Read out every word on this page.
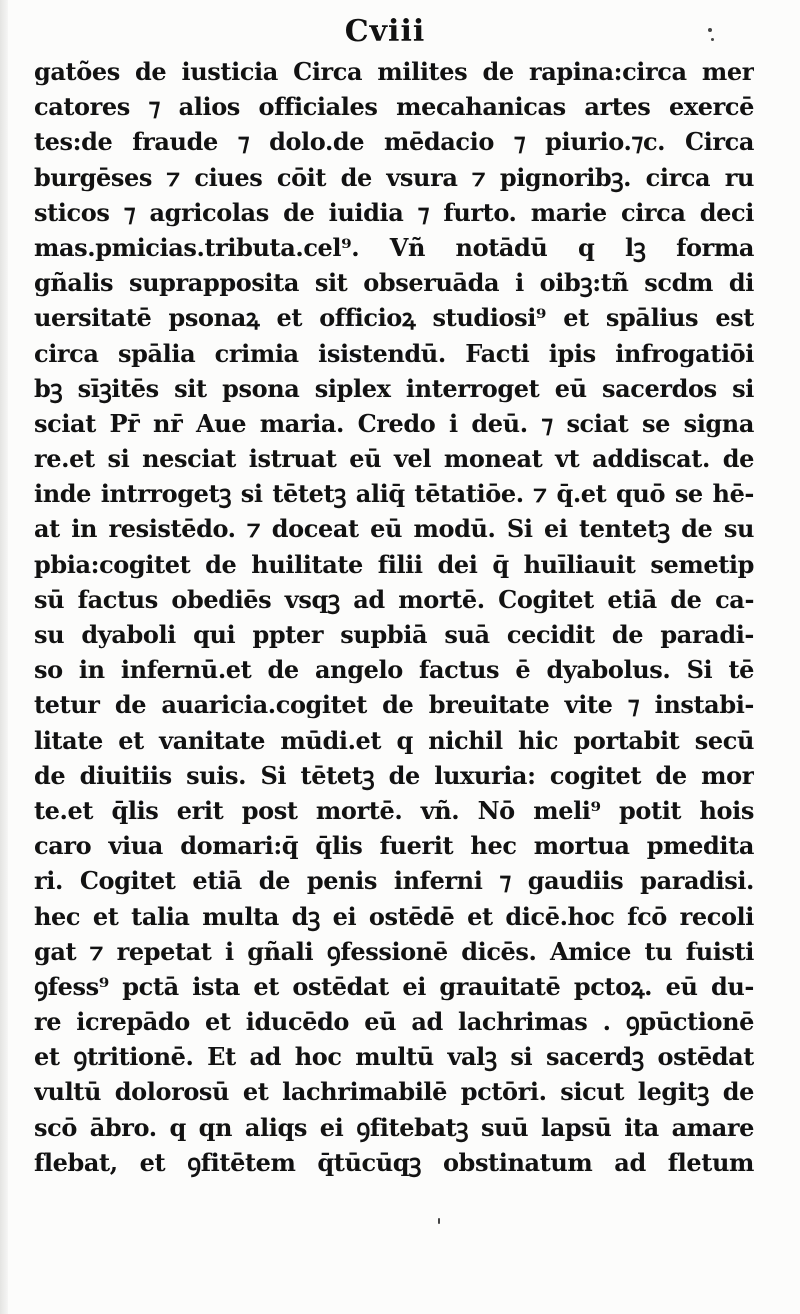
Cviii
gatões de iusticia Circa milites de rapina:circa mer
catores ⁊ alios officiales mecahanicas artes exercē
tes:de fraude ⁊ dolo.de mēdacio ⁊ piurio.⁊c. Circa
burgēses ⁊ ciues cōit de vsura ⁊ pignoribꝫ. circa ru
sticos ⁊ agricolas de iuidia ⁊ furto. marie circa deci
mas.pmicias.tributa.cel⁹. Vñ notādū q lꝫ forma
gñalis suprapposita sit obseruāda i oibꝫ:tñ scdm di
uersitatē psonaꝝ et officioꝝ studiosi⁹ et spālius est
circa spālia crimia isistendū. Facti ipis infrogatiōi
bꝫ sīꝫitēs sit psona siplex interroget eū sacerdos si
sciat Pr̄ nr̄ Aue maria. Credo i deū. ⁊ sciat se signa
re.et si nesciat istruat eū vel moneat vt addiscat. de
inde intrrogetꝫ si tētetꝫ aliq̄ tētatiōe. ⁊ q̄.et quō se hē-
at in resistēdo. ⁊ doceat eū modū. Si ei tentetꝫ de su
pbia:cogitet de huilitate filii dei q̄ huīliauit semetip
sū factus obediēs vsqꝫ ad mortē. Cogitet etiā de ca-
su dyaboli qui ppter supbiā suā cecidit de paradi-
so in infernū.et de angelo factus ē dyabolus. Si tē
tetur de auaricia.cogitet de breuitate vite ⁊ instabi-
litate et vanitate mūdi.et q nichil hic portabit secū
de diuitiis suis. Si tētetꝫ de luxuria: cogitet de mor
te.et q̄lis erit post mortē. vñ. Nō meli⁹ potit hois
caro viua domari:q̄ q̄lis fuerit hec mortua pmedita
ri. Cogitet etiā de penis inferni ⁊ gaudiis paradisi.
hec et talia multa dꝫ ei ostēdē et dicē.hoc fcō recoli
gat ⁊ repetat i gñali ꝯfessionē dicēs. Amice tu fuisti
ꝯfess⁹ pctā ista et ostēdat ei grauitatē pctoꝝ. eū du-
re icrepādo et iducēdo eū ad lachrimas . ꝯpūctionē
et ꝯtritionē. Et ad hoc multū valꝫ si sacerdꝫ ostēdat
vultū dolorosū et lachrimabilē pctōri. sicut legitꝫ de
scō ābro. q qn aliqs ei ꝯfitebatꝫ suū lapsū ita amare
flebat, et ꝯfitētem q̄tūcūqꝫ obstinatum ad fletum
